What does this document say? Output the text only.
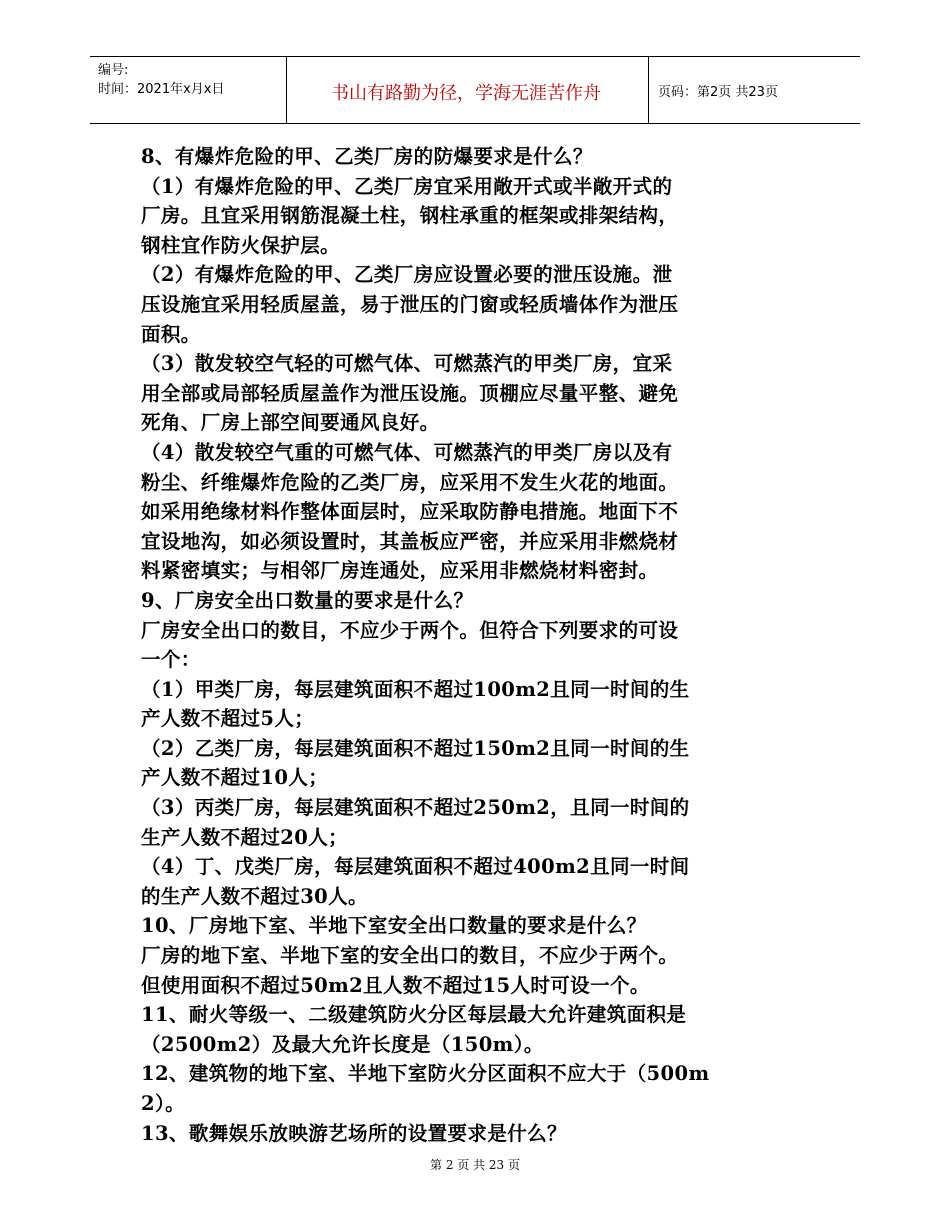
编号:
时间：2021年x月x日	书山有路勤为径，学海无涯苦作舟	页码：第2页 共23页

8、有爆炸危险的甲、乙类厂房的防爆要求是什么？

（1）有爆炸危险的甲、乙类厂房宜采用敞开式或半敞开式的

厂房。且宜采用钢筋混凝土柱，钢柱承重的框架或排架结构，

钢柱宜作防火保护层。

（2）有爆炸危险的甲、乙类厂房应设置必要的泄压设施。泄

压设施宜采用轻质屋盖，易于泄压的门窗或轻质墙体作为泄压

面积。

（3）散发较空气轻的可燃气体、可燃蒸汽的甲类厂房，宜采

用全部或局部轻质屋盖作为泄压设施。顶棚应尽量平整、避免

死角、厂房上部空间要通风良好。

（4）散发较空气重的可燃气体、可燃蒸汽的甲类厂房以及有

粉尘、纤维爆炸危险的乙类厂房，应采用不发生火花的地面。

如采用绝缘材料作整体面层时，应采取防静电措施。地面下不

宜设地沟，如必须设置时，其盖板应严密，并应采用非燃烧材

料紧密填实；与相邻厂房连通处，应采用非燃烧材料密封。

9、厂房安全出口数量的要求是什么？

厂房安全出口的数目，不应少于两个。但符合下列要求的可设

一个：

（1）甲类厂房，每层建筑面积不超过100m2且同一时间的生

产人数不超过5人；

（2）乙类厂房，每层建筑面积不超过150m2且同一时间的生

产人数不超过10人；

（3）丙类厂房，每层建筑面积不超过250m2，且同一时间的

生产人数不超过20人；

（4）丁、戊类厂房，每层建筑面积不超过400m2且同一时间

的生产人数不超过30人。

10、厂房地下室、半地下室安全出口数量的要求是什么？

厂房的地下室、半地下室的安全出口的数目，不应少于两个。

但使用面积不超过50m2且人数不超过15人时可设一个。

11、耐火等级一、二级建筑防火分区每层最大允许建筑面积是

（2500m2）及最大允许长度是（150m）。

12、建筑物的地下室、半地下室防火分区面积不应大于（500m

2）。

13、歌舞娱乐放映游艺场所的设置要求是什么？

第 2 页 共 23 页
